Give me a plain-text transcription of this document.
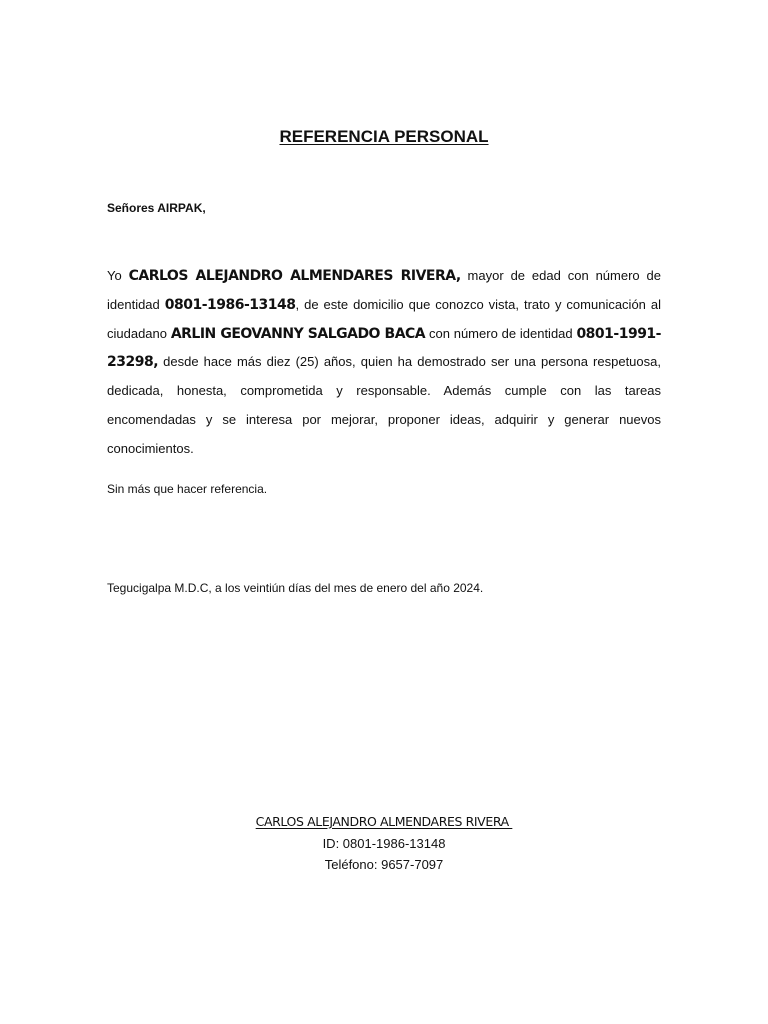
REFERENCIA PERSONAL
Señores AIRPAK,

Yo CARLOS ALEJANDRO ALMENDARES RIVERA, mayor de edad con número de identidad 0801-1986-13148, de este domicilio que conozco vista, trato y comunicación al ciudadano ARLIN GEOVANNY SALGADO BACA con número de identidad 0801-1991-23298, desde hace más diez (25) años, quien ha demostrado ser una persona respetuosa, dedicada, honesta, comprometida y responsable. Además cumple con las tareas encomendadas y se interesa por mejorar, proponer ideas, adquirir y generar nuevos conocimientos.

Sin más que hacer referencia.
Tegucigalpa M.D.C, a los veintiún días del mes de enero del año 2024.
CARLOS ALEJANDRO ALMENDARES RIVERA
ID: 0801-1986-13148
Teléfono: 9657-7097
